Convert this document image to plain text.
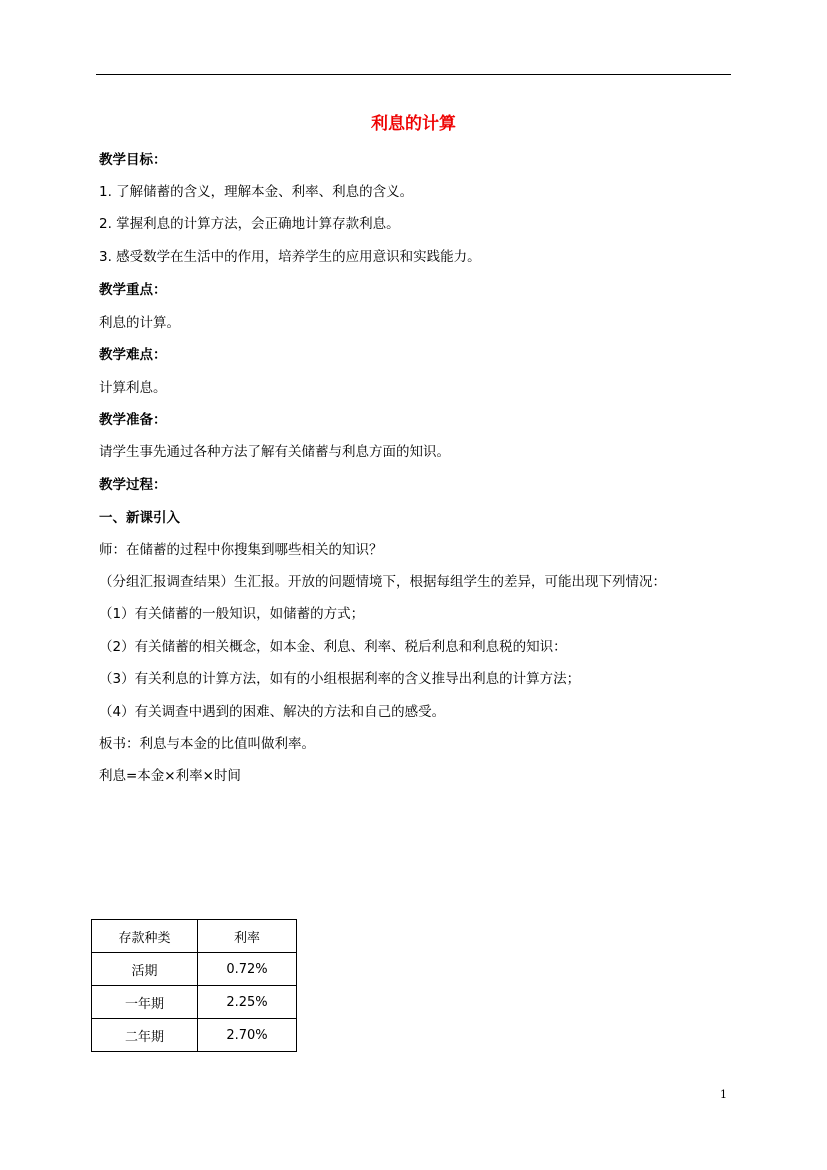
利息的计算
教学目标：
1. 了解储蓄的含义，理解本金、利率、利息的含义。
2. 掌握利息的计算方法，会正确地计算存款利息。
3. 感受数学在生活中的作用，培养学生的应用意识和实践能力。
教学重点：
利息的计算。
教学难点：
计算利息。
教学准备：
请学生事先通过各种方法了解有关储蓄与利息方面的知识。
教学过程：
一、新课引入
师：在储蓄的过程中你搜集到哪些相关的知识？
（分组汇报调查结果）生汇报。开放的问题情境下，根据每组学生的差异，可能出现下列情况：
（1）有关储蓄的一般知识，如储蓄的方式；
（2）有关储蓄的相关概念，如本金、利息、利率、税后利息和利息税的知识：
（3）有关利息的计算方法，如有的小组根据利率的含义推导出利息的计算方法；
（4）有关调查中遇到的困难、解决的方法和自己的感受。
板书：利息与本金的比值叫做利率。
利息=本金×利率×时间
存款种类	利率
活期	0.72%
一年期	2.25%
二年期	2.70%
1
